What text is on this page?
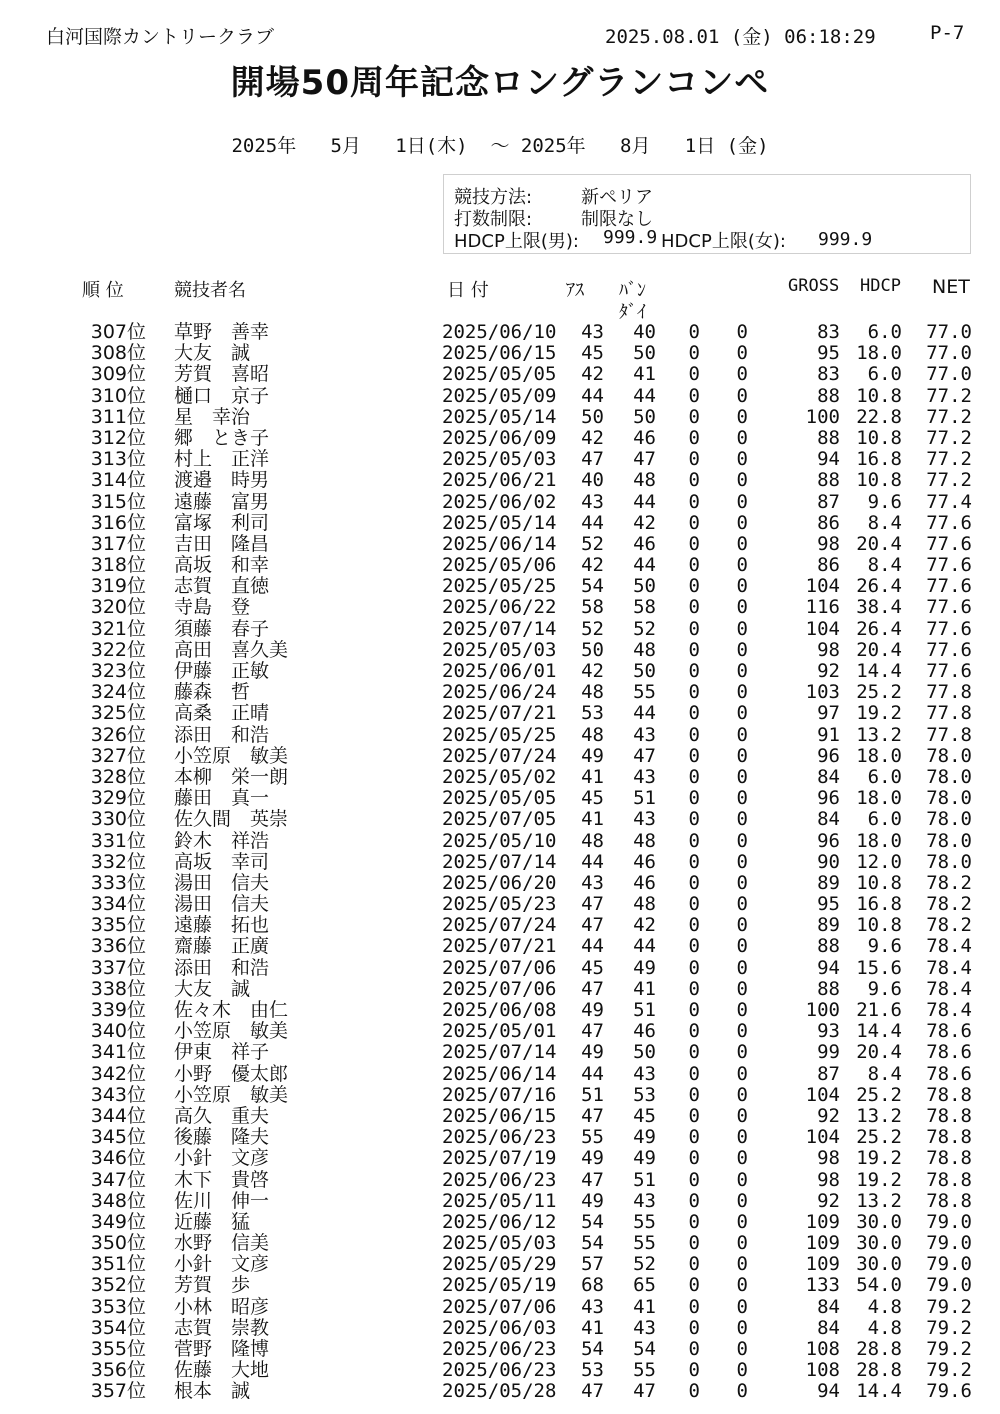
白河国際カントリークラブ	2025.08.01 (金) 06:18:29	P-7
開場50周年記念ロングランコンペ
2025年   5月   1日(木)  ～ 2025年   8月   1日 (金)
競技方法:	新ペリア
打数制限:	制限なし
HDCP上限(男): 999.9 HDCP上限(女): 999.9
順 位	競技者名	日 付	ｱｽ ﾊﾞﾝ
ﾀﾞｲ
GROSS HDCP NET
307位 草野　善幸	2025/06/10	43	40	0	0	83	6.0	77.0
308位 大友　誠	2025/06/15	45	50	0	0	95 18.0	77.0
309位 芳賀　喜昭	2025/05/05	42	41	0	0	83	6.0	77.0
310位 樋口　京子	2025/05/09	44	44	0	0	88 10.8	77.2
311位 星　幸治	2025/05/14	50	50	0	0	100 22.8	77.2
312位 郷　とき子	2025/06/09	42	46	0	0	88 10.8	77.2
313位 村上　正洋	2025/05/03	47	47	0	0	94 16.8	77.2
314位 渡邉　時男	2025/06/21	40	48	0	0	88 10.8	77.2
315位 遠藤　富男	2025/06/02	43	44	0	0	87	9.6	77.4
316位 富塚　利司	2025/05/14	44	42	0	0	86	8.4	77.6
317位 吉田　隆昌	2025/06/14	52	46	0	0	98 20.4	77.6
318位 高坂　和幸	2025/05/06	42	44	0	0	86	8.4	77.6
319位 志賀　直徳	2025/05/25	54	50	0	0	104 26.4	77.6
320位 寺島　登	2025/06/22	58	58	0	0	116 38.4	77.6
321位 須藤　春子	2025/07/14	52	52	0	0	104 26.4	77.6
322位 高田　喜久美	2025/05/03	50	48	0	0	98 20.4	77.6
323位 伊藤　正敏	2025/06/01	42	50	0	0	92 14.4	77.6
324位 藤森　哲	2025/06/24	48	55	0	0	103 25.2	77.8
325位 高桑　正晴	2025/07/21	53	44	0	0	97 19.2	77.8
326位 添田　和浩	2025/05/25	48	43	0	0	91 13.2	77.8
327位 小笠原　敏美	2025/07/24	49	47	0	0	96 18.0	78.0
328位 本柳　栄一朗	2025/05/02	41	43	0	0	84	6.0	78.0
329位 藤田　真一	2025/05/05	45	51	0	0	96 18.0	78.0
330位 佐久間　英崇	2025/07/05	41	43	0	0	84	6.0	78.0
331位 鈴木　祥浩	2025/05/10	48	48	0	0	96 18.0	78.0
332位 高坂　幸司	2025/07/14	44	46	0	0	90 12.0	78.0
333位 湯田　信夫	2025/06/20	43	46	0	0	89 10.8	78.2
334位 湯田　信夫	2025/05/23	47	48	0	0	95 16.8	78.2
335位 遠藤　拓也	2025/07/24	47	42	0	0	89 10.8	78.2
336位 齋藤　正廣	2025/07/21	44	44	0	0	88	9.6	78.4
337位 添田　和浩	2025/07/06	45	49	0	0	94 15.6	78.4
338位 大友　誠	2025/07/06	47	41	0	0	88	9.6	78.4
339位 佐々木　由仁	2025/06/08	49	51	0	0	100 21.6	78.4
340位 小笠原　敏美	2025/05/01	47	46	0	0	93 14.4	78.6
341位 伊東　祥子	2025/07/14	49	50	0	0	99 20.4	78.6
342位 小野　優太郎	2025/06/14	44	43	0	0	87	8.4	78.6
343位 小笠原　敏美	2025/07/16	51	53	0	0	104 25.2	78.8
344位 高久　重夫	2025/06/15	47	45	0	0	92 13.2	78.8
345位 後藤　隆夫	2025/06/23	55	49	0	0	104 25.2	78.8
346位 小針　文彦	2025/07/19	49	49	0	0	98 19.2	78.8
347位 木下　貴啓	2025/06/23	47	51	0	0	98 19.2	78.8
348位 佐川　伸一	2025/05/11	49	43	0	0	92 13.2	78.8
349位 近藤　猛	2025/06/12	54	55	0	0	109 30.0	79.0
350位 水野　信美	2025/05/03	54	55	0	0	109 30.0	79.0
351位 小針　文彦	2025/05/29	57	52	0	0	109 30.0	79.0
352位 芳賀　歩	2025/05/19	68	65	0	0	133 54.0	79.0
353位 小林　昭彦	2025/07/06	43	41	0	0	84	4.8	79.2
354位 志賀　崇教	2025/06/03	41	43	0	0	84	4.8	79.2
355位 菅野　隆博	2025/06/23	54	54	0	0	108 28.8	79.2
356位 佐藤　大地	2025/06/23	53	55	0	0	108 28.8	79.2
357位 根本　誠	2025/05/28	47	47	0	0	94 14.4	79.6
